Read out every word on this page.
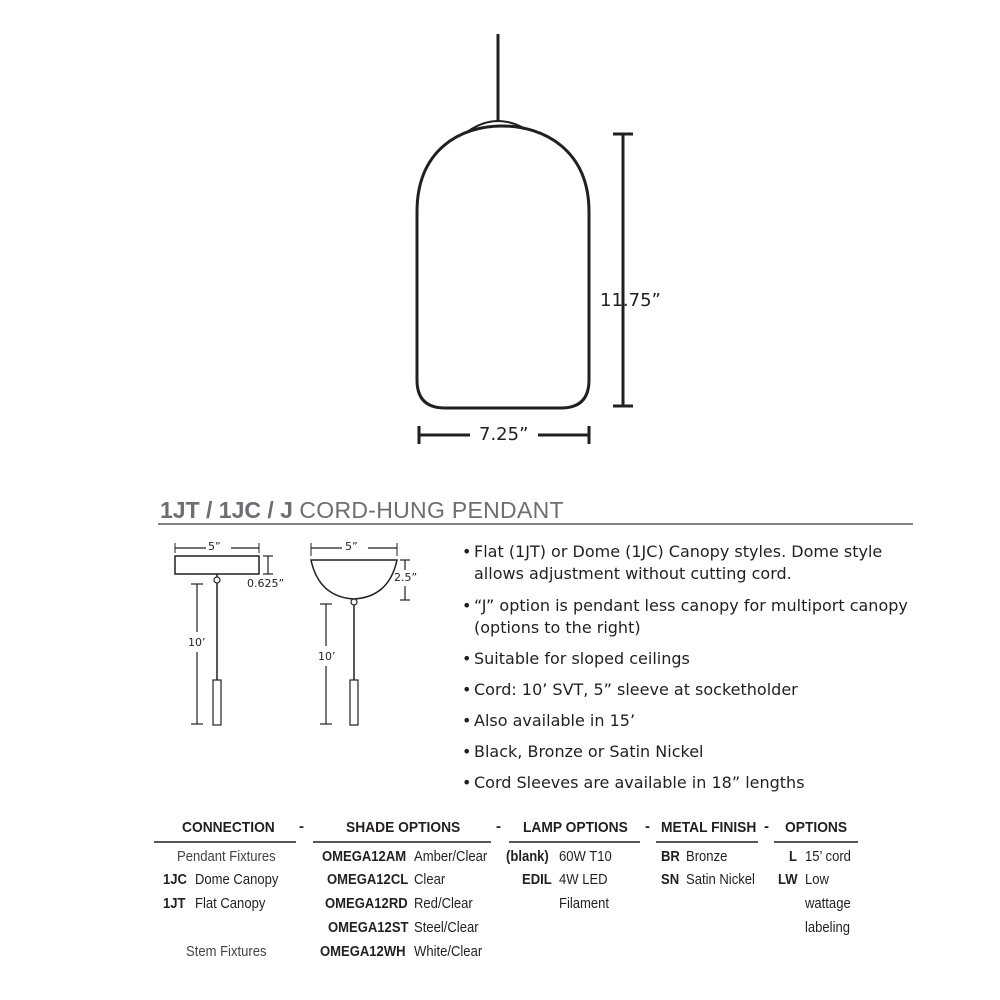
11.75”
7.25”
1JT / 1JC / J CORD-HUNG PENDANT
5”
0.625”
10’
5”
2.5”
10’
• Flat (1JT) or Dome (1JC) Canopy styles. Dome style allows adjustment without cutting cord.
• “J” option is pendant less canopy for multiport canopy (options to the right)
• Suitable for sloped ceilings
• Cord: 10’ SVT, 5” sleeve at socketholder
• Also available in 15’
• Black, Bronze or Satin Nickel
• Cord Sleeves are available in 18” lengths
CONNECTION -	SHADE OPTIONS - LAMP OPTIONS - METAL FINISH - OPTIONS
Pendant Fixtures
1JC Dome Canopy
1JT Flat Canopy
Stem Fixtures
OMEGA12AM Amber/Clear
OMEGA12CL Clear
OMEGA12RD Red/Clear
OMEGA12ST Steel/Clear
OMEGA12WH White/Clear
(blank) 60W T10
EDIL 4W LED
Filament
BR Bronze
SN Satin Nickel
L 15’ cord
LW Low
wattage
labeling
